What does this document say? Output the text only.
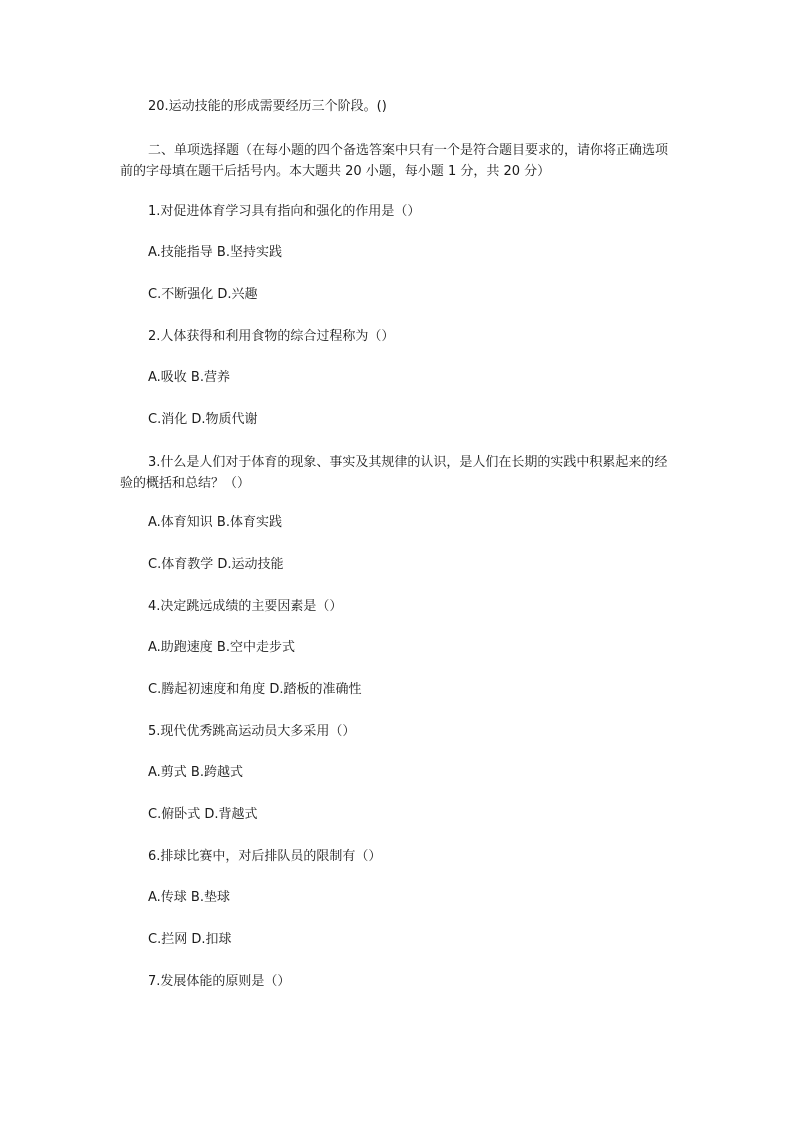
20.运动技能的形成需要经历三个阶段。()
二、单项选择题（在每小题的四个备选答案中只有一个是符合题目要求的，请你将正确选项前的字母填在题干后括号内。本大题共 20 小题，每小题 1 分，共 20 分）
1.对促进体育学习具有指向和强化的作用是（）
A.技能指导 B.坚持实践
C.不断强化 D.兴趣
2.人体获得和利用食物的综合过程称为（）
A.吸收 B.营养
C.消化 D.物质代谢
3.什么是人们对于体育的现象、事实及其规律的认识，是人们在长期的实践中积累起来的经验的概括和总结？（）
A.体育知识 B.体育实践
C.体育教学 D.运动技能
4.决定跳远成绩的主要因素是（）
A.助跑速度 B.空中走步式
C.腾起初速度和角度 D.踏板的准确性
5.现代优秀跳高运动员大多采用（）
A.剪式 B.跨越式
C.俯卧式 D.背越式
6.排球比赛中，对后排队员的限制有（）
A.传球 B.垫球
C.拦网 D.扣球
7.发展体能的原则是（）
